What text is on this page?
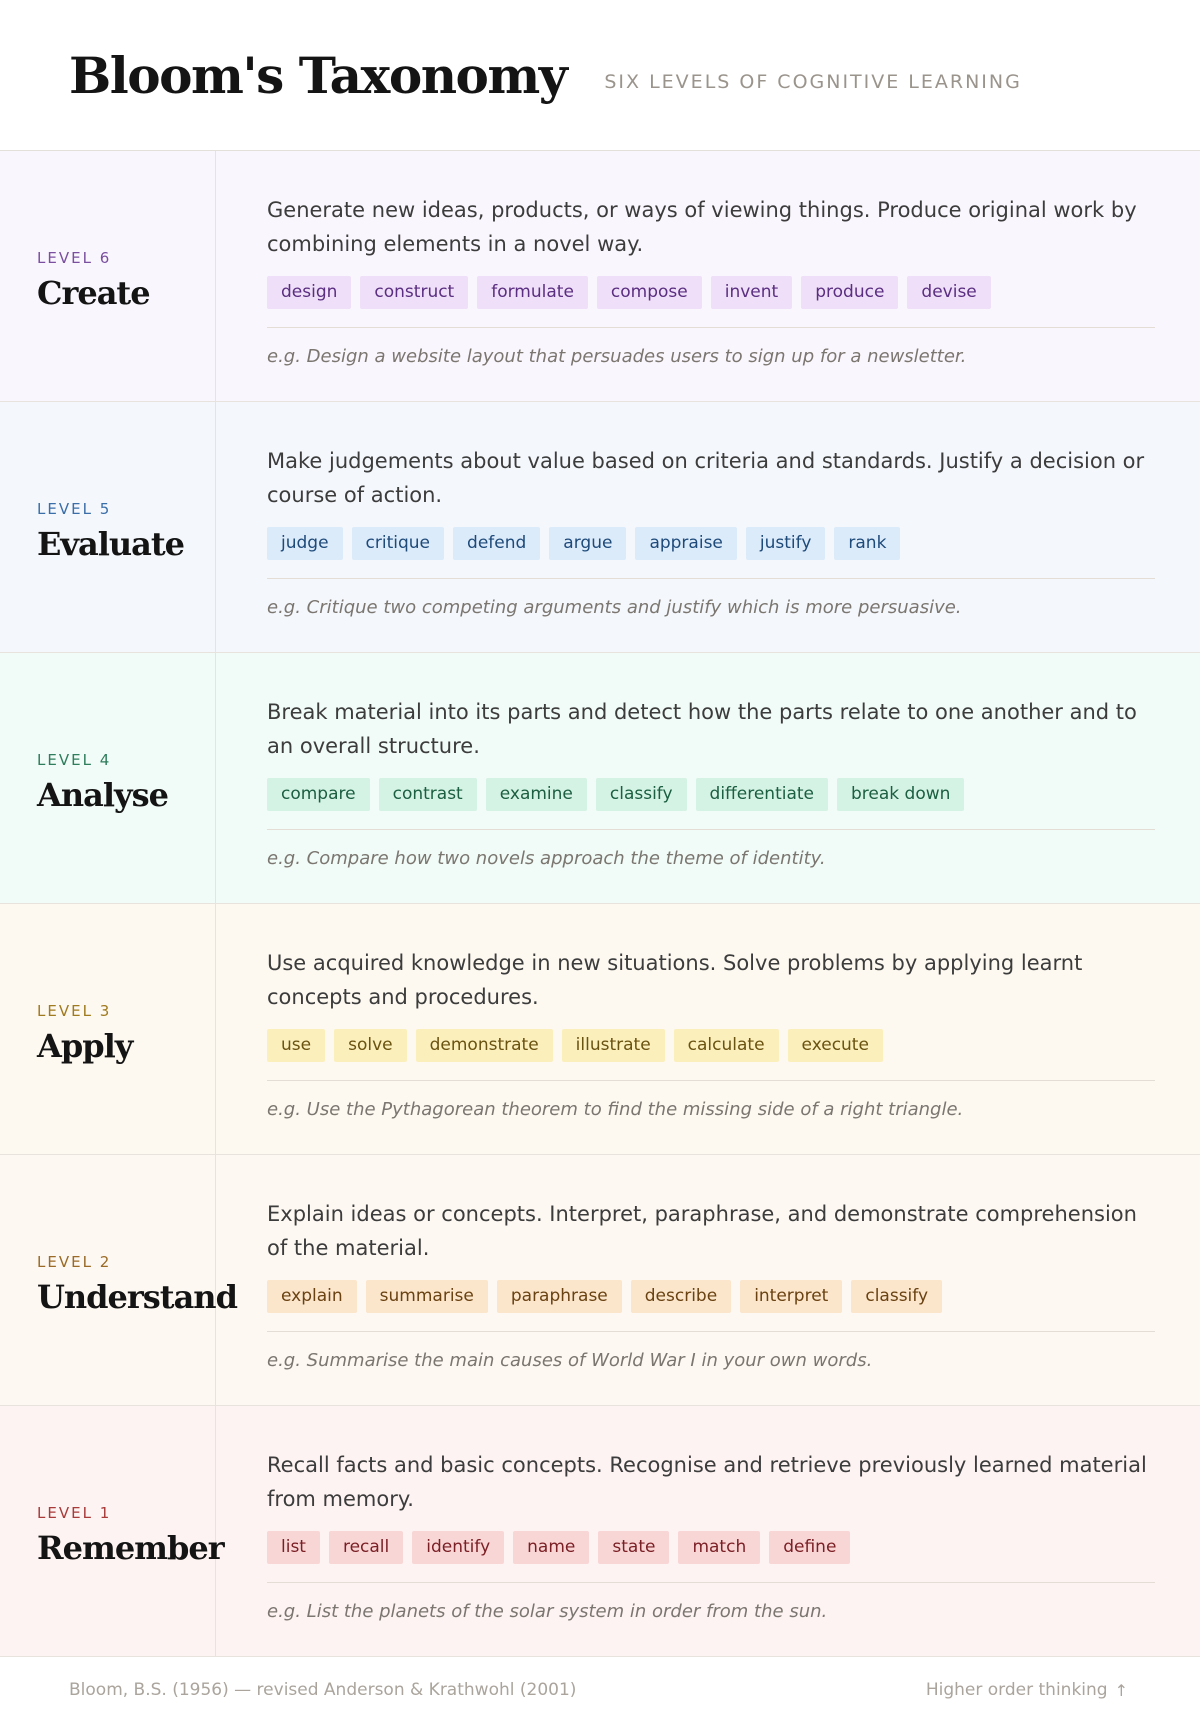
Bloom's Taxonomy SIX LEVELS OF COGNITIVE LEARNING
LEVEL 6
Create

Generate new ideas, products, or ways of viewing things. Produce original work by combining elements in a novel way.

design	construct	formulate	compose	invent	produce	devise

e.g. Design a website layout that persuades users to sign up for a newsletter.

LEVEL 5
Evaluate

Make judgements about value based on criteria and standards. Justify a decision or course of action.

judge	critique	defend	argue	appraise	justify	rank

e.g. Critique two competing arguments and justify which is more persuasive.

LEVEL 4
Analyse

Break material into its parts and detect how the parts relate to one another and to an overall structure.

compare	contrast	examine	classify	differentiate	break down

e.g. Compare how two novels approach the theme of identity.

LEVEL 3
Apply

Use acquired knowledge in new situations. Solve problems by applying learnt concepts and procedures.

use	solve	demonstrate	illustrate	calculate	execute

e.g. Use the Pythagorean theorem to find the missing side of a right triangle.

LEVEL 2
Understand

Explain ideas or concepts. Interpret, paraphrase, and demonstrate comprehension of the material.

explain	summarise	paraphrase	describe	interpret	classify

e.g. Summarise the main causes of World War I in your own words.

LEVEL 1
Remember

Recall facts and basic concepts. Recognise and retrieve previously learned material from memory.

list	recall	identify	name	state	match	define

e.g. List the planets of the solar system in order from the sun.

Bloom, B.S. (1956) — revised Anderson & Krathwohl (2001)	Higher order thinking ↑
